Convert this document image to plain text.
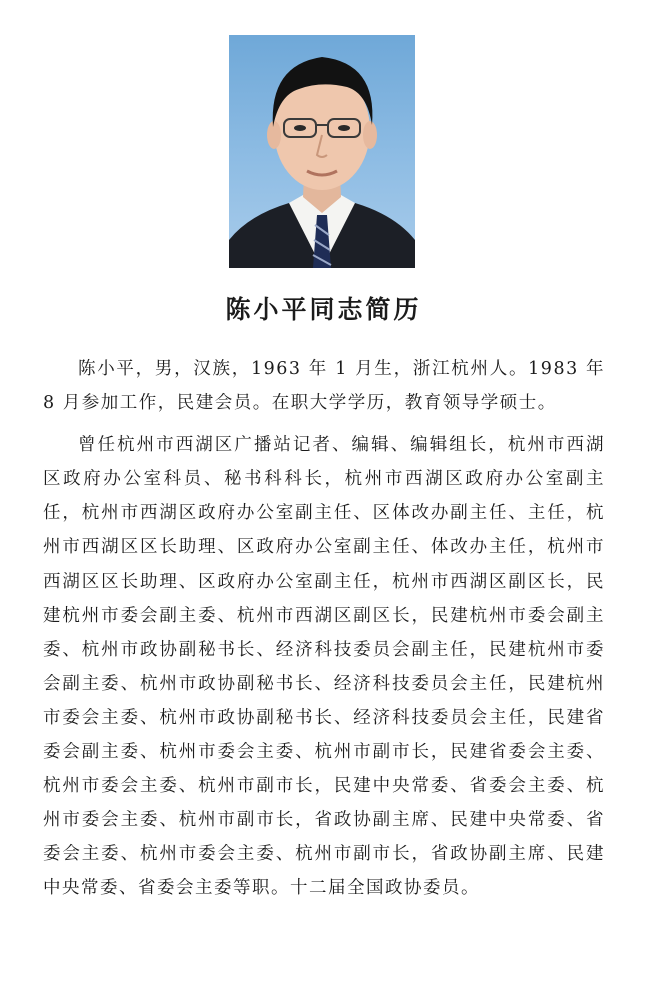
陈小平同志简历

陈小平，男，汉族，1963 年 1 月生，浙江杭州人。1983 年 8 月参加工作，民建会员。在职大学学历，教育领导学硕士。

曾任杭州市西湖区广播站记者、编辑、编辑组长，杭州市西湖区政府办公室科员、秘书科科长，杭州市西湖区政府办公室副主任，杭州市西湖区政府办公室副主任、区体改办副主任、主任，杭州市西湖区区长助理、区政府办公室副主任、体改办主任，杭州市西湖区区长助理、区政府办公室副主任，杭州市西湖区副区长，民建杭州市委会副主委、杭州市西湖区副区长，民建杭州市委会副主委、杭州市政协副秘书长、经济科技委员会副主任，民建杭州市委会副主委、杭州市政协副秘书长、经济科技委员会主任，民建杭州市委会主委、杭州市政协副秘书长、经济科技委员会主任，民建省委会副主委、杭州市委会主委、杭州市副市长，民建省委会主委、杭州市委会主委、杭州市副市长，民建中央常委、省委会主委、杭州市委会主委、杭州市副市长，省政协副主席、民建中央常委、省委会主委、杭州市委会主委、杭州市副市长，省政协副主席、民建中央常委、省委会主委等职。十二届全国政协委员。
